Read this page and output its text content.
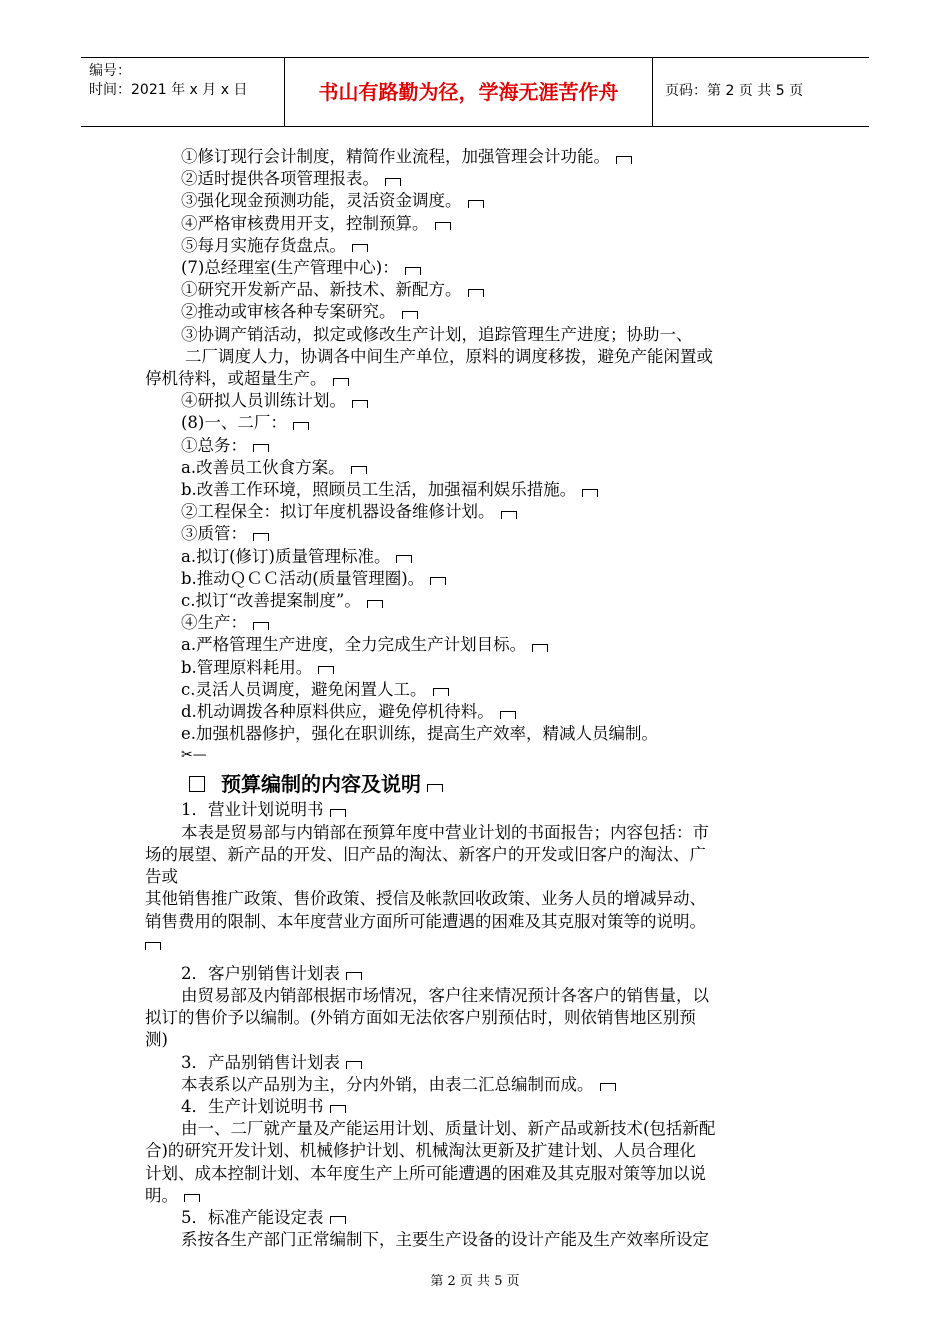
编号：
时间：2021 年 x 月 x 日	书山有路勤为径，学海无涯苦作舟	页码：第 2 页 共 5 页
①修订现行会计制度，精简作业流程，加强管理会计功能。
②适时提供各项管理报表。
③强化现金预测功能，灵活资金调度。
④严格审核费用开支，控制预算。
⑤每月实施存货盘点。
(7)总经理室(生产管理中心)：
①研究开发新产品、新技术、新配方。
②推动或审核各种专案研究。
③协调产销活动，拟定或修改生产计划，追踪管理生产进度；协助一、
二厂调度人力，协调各中间生产单位，原料的调度移拨，避免产能闲置或
停机待料，或超量生产。
④研拟人员训练计划。
(8)一、二厂：
①总务：
a.改善员工伙食方案。
b.改善工作环境，照顾员工生活，加强福利娱乐措施。
②工程保全：拟订年度机器设备维修计划。
③质管：
a.拟订(修订)质量管理标准。
b.推动ＱＣＣ活动(质量管理圈)。
c.拟订“改善提案制度”。
④生产：
a.严格管理生产进度，全力完成生产计划目标。
b.管理原料耗用。
c.灵活人员调度，避免闲置人工。
d.机动调拨各种原料供应，避免停机待料。
e.加强机器修护，强化在职训练，提高生产效率，精减人员编制。
✂—
预算编制的内容及说明
1．营业计划说明书
本表是贸易部与内销部在预算年度中营业计划的书面报告；内容包括：市
场的展望、新产品的开发、旧产品的淘汰、新客户的开发或旧客户的淘汰、广
告或
其他销售推广政策、售价政策、授信及帐款回收政策、业务人员的增减异动、
销售费用的限制、本年度营业方面所可能遭遇的困难及其克服对策等的说明。
2．客户别销售计划表
由贸易部及内销部根据市场情况，客户往来情况预计各客户的销售量，以
拟订的售价予以编制。(外销方面如无法依客户别预估时，则依销售地区别预
测)
3．产品别销售计划表
本表系以产品别为主，分内外销，由表二汇总编制而成。
4．生产计划说明书
由一、二厂就产量及产能运用计划、质量计划、新产品或新技术(包括新配
合)的研究开发计划、机械修护计划、机械淘汰更新及扩建计划、人员合理化
计划、成本控制计划、本年度生产上所可能遭遇的困难及其克服对策等加以说
明。
5．标准产能设定表
系按各生产部门正常编制下，主要生产设备的设计产能及生产效率所设定
第 2 页 共 5 页
